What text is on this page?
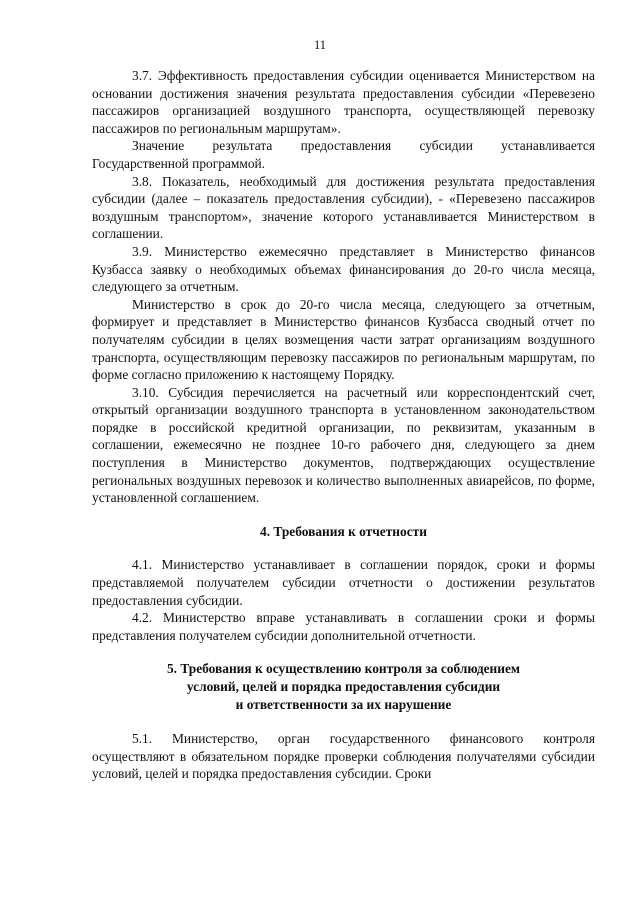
11

3.7. Эффективность предоставления субсидии оценивается Министерством на основании достижения значения результата предоставления субсидии «Перевезено пассажиров организацией воздушного транспорта, осуществляющей перевозку пассажиров по региональным маршрутам».

Значение результата предоставления субсидии устанавливается Государственной программой.

3.8. Показатель, необходимый для достижения результата предоставления субсидии (далее – показатель предоставления субсидии), - «Перевезено пассажиров воздушным транспортом», значение которого устанавливается Министерством в соглашении.

3.9. Министерство ежемесячно представляет в Министерство финансов Кузбасса заявку о необходимых объемах финансирования до 20-го числа месяца, следующего за отчетным.

Министерство в срок до 20-го числа месяца, следующего за отчетным, формирует и представляет в Министерство финансов Кузбасса сводный отчет по получателям субсидии в целях возмещения части затрат организациям воздушного транспорта, осуществляющим перевозку пассажиров по региональным маршрутам, по форме согласно приложению к настоящему Порядку.

3.10. Субсидия перечисляется на расчетный или корреспондентский счет, открытый организации воздушного транспорта в установленном законодательством порядке в российской кредитной организации, по реквизитам, указанным в соглашении, ежемесячно не позднее 10-го рабочего дня, следующего за днем поступления в Министерство документов, подтверждающих осуществление региональных воздушных перевозок и количество выполненных авиарейсов, по форме, установленной соглашением.

4. Требования к отчетности

4.1. Министерство устанавливает в соглашении порядок, сроки и формы представляемой получателем субсидии отчетности о достижении результатов предоставления субсидии.

4.2. Министерство вправе устанавливать в соглашении сроки и формы представления получателем субсидии дополнительной отчетности.

5. Требования к осуществлению контроля за соблюдением
условий, целей и порядка предоставления субсидии
и ответственности за их нарушение

5.1. Министерство, орган государственного финансового контроля осуществляют в обязательном порядке проверки соблюдения получателями субсидии условий, целей и порядка предоставления субсидии. Сроки
